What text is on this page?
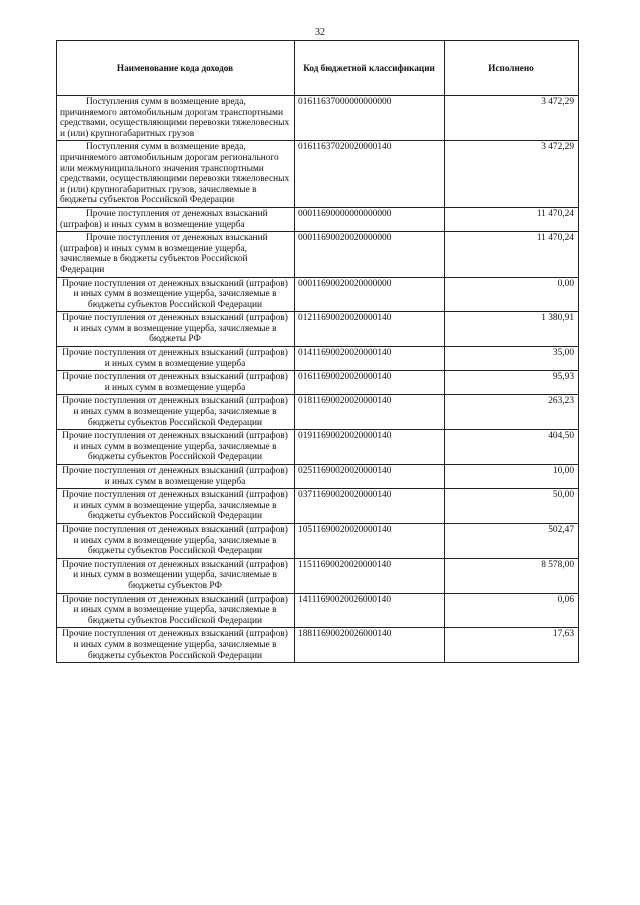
32
Наименование кода доходов	Код бюджетной классификации	Исполнено
Поступления сумм в возмещение вреда, причиняемого автомобильным дорогам транспортными средствами, осуществляющими перевозки тяжеловесных и (или) крупногабаритных грузов	01611637000000000000	3 472,29
Поступления сумм в возмещение вреда, причиняемого автомобильным дорогам регионального или межмуниципального значения транспортными средствами, осуществляющими перевозки тяжеловесных и (или) крупногабаритных грузов, зачисляемые в бюджеты субъектов Российской Федерации	01611637020020000140	3 472,29
Прочие поступления от денежных взысканий (штрафов) и иных сумм в возмещение ущерба	00011690000000000000	11 470,24
Прочие поступления от денежных взысканий (штрафов) и иных сумм в возмещение ущерба, зачисляемые в бюджеты субъектов Российской Федерации	00011690020020000000	11 470,24
Прочие поступления от денежных взысканий (штрафов) и иных сумм в возмещение ущерба, зачисляемые в бюджеты субъектов Российской Федерации	00011690020020000000	0,00
Прочие поступления от денежных взысканий (штрафов) и иных сумм в возмещение ущерба, зачисляемые в бюджеты РФ	01211690020020000140	1 380,91
Прочие поступления от денежных взысканий (штрафов) и иных сумм в возмещение ущерба	01411690020020000140	35,00
Прочие поступления от денежных взысканий (штрафов) и иных сумм в возмещение ущерба	01611690020020000140	95,93
Прочие поступления от денежных взысканий (штрафов) и иных сумм в возмещение ущерба, зачисляемые в бюджеты субъектов Российской Федерации	01811690020020000140	263,23
Прочие поступления от денежных взысканий (штрафов) и иных сумм в возмещение ущерба, зачисляемые в бюджеты субъектов Российской Федерации	01911690020020000140	404,50
Прочие поступления от денежных взысканий (штрафов) и иных сумм в возмещение ущерба	02511690020020000140	10,00
Прочие поступления от денежных взысканий (штрафов) и иных сумм в возмещение ущерба, зачисляемые в бюджеты субъектов Российской Федерации	03711690020020000140	50,00
Прочие поступления от денежных взысканий (штрафов) и иных сумм в возмещение ущерба, зачисляемые в бюджеты субъектов Российской Федерации	10511690020020000140	502,47
Прочие поступления от денежных взысканий (штрафов) и иных сумм в возмещении ущерба, зачисляемые в бюджеты субъектов РФ	11511690020020000140	8 578,00
Прочие поступления от денежных взысканий (штрафов) и иных сумм в возмещение ущерба, зачисляемые в бюджеты субъектов Российской Федерации	14111690020026000140	0,06
Прочие поступления от денежных взысканий (штрафов) и иных сумм в возмещение ущерба, зачисляемые в бюджеты субъектов Российской Федерации	18811690020026000140	17,63
